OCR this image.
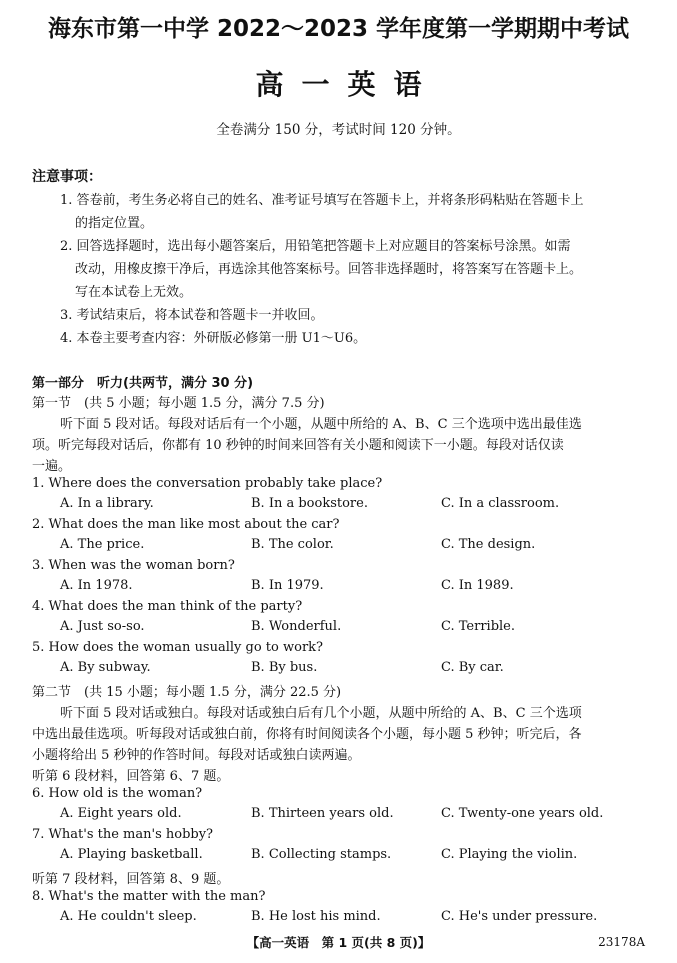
海东市第一中学 2022～2023 学年度第一学期期中考试
高一英语
全卷满分 150 分，考试时间 120 分钟。
注意事项：
1. 答卷前，考生务必将自己的姓名、准考证号填写在答题卡上，并将条形码粘贴在答题卡上
的指定位置。
2. 回答选择题时，选出每小题答案后，用铅笔把答题卡上对应题目的答案标号涂黑。如需
改动，用橡皮擦干净后，再选涂其他答案标号。回答非选择题时，将答案写在答题卡上。
写在本试卷上无效。
3. 考试结束后，将本试卷和答题卡一并收回。
4. 本卷主要考查内容：外研版必修第一册 U1～U6。
第一部分　听力(共两节，满分 30 分)
第一节　(共 5 小题；每小题 1.5 分，满分 7.5 分)
听下面 5 段对话。每段对话后有一个小题，从题中所给的 A、B、C 三个选项中选出最佳选
项。听完每段对话后，你都有 10 秒钟的时间来回答有关小题和阅读下一小题。每段对话仅读
一遍。
1. Where does the conversation probably take place?
A. In a library.	B. In a bookstore.	C. In a classroom.
2. What does the man like most about the car?
A. The price.	B. The color.	C. The design.
3. When was the woman born?
A. In 1978.	B. In 1979.	C. In 1989.
4. What does the man think of the party?
A. Just so-so.	B. Wonderful.	C. Terrible.
5. How does the woman usually go to work?
A. By subway.	B. By bus.	C. By car.
第二节　(共 15 小题；每小题 1.5 分，满分 22.5 分)
听下面 5 段对话或独白。每段对话或独白后有几个小题，从题中所给的 A、B、C 三个选项
中选出最佳选项。听每段对话或独白前，你将有时间阅读各个小题，每小题 5 秒钟；听完后，各
小题将给出 5 秒钟的作答时间。每段对话或独白读两遍。
听第 6 段材料，回答第 6、7 题。
6. How old is the woman?
A. Eight years old.	B. Thirteen years old.	C. Twenty-one years old.
7. What's the man's hobby?
A. Playing basketball.	B. Collecting stamps.	C. Playing the violin.
听第 7 段材料，回答第 8、9 题。
8. What's the matter with the man?
A. He couldn't sleep.	B. He lost his mind.	C. He's under pressure.
【高一英语　第 1 页(共 8 页)】	23178A
